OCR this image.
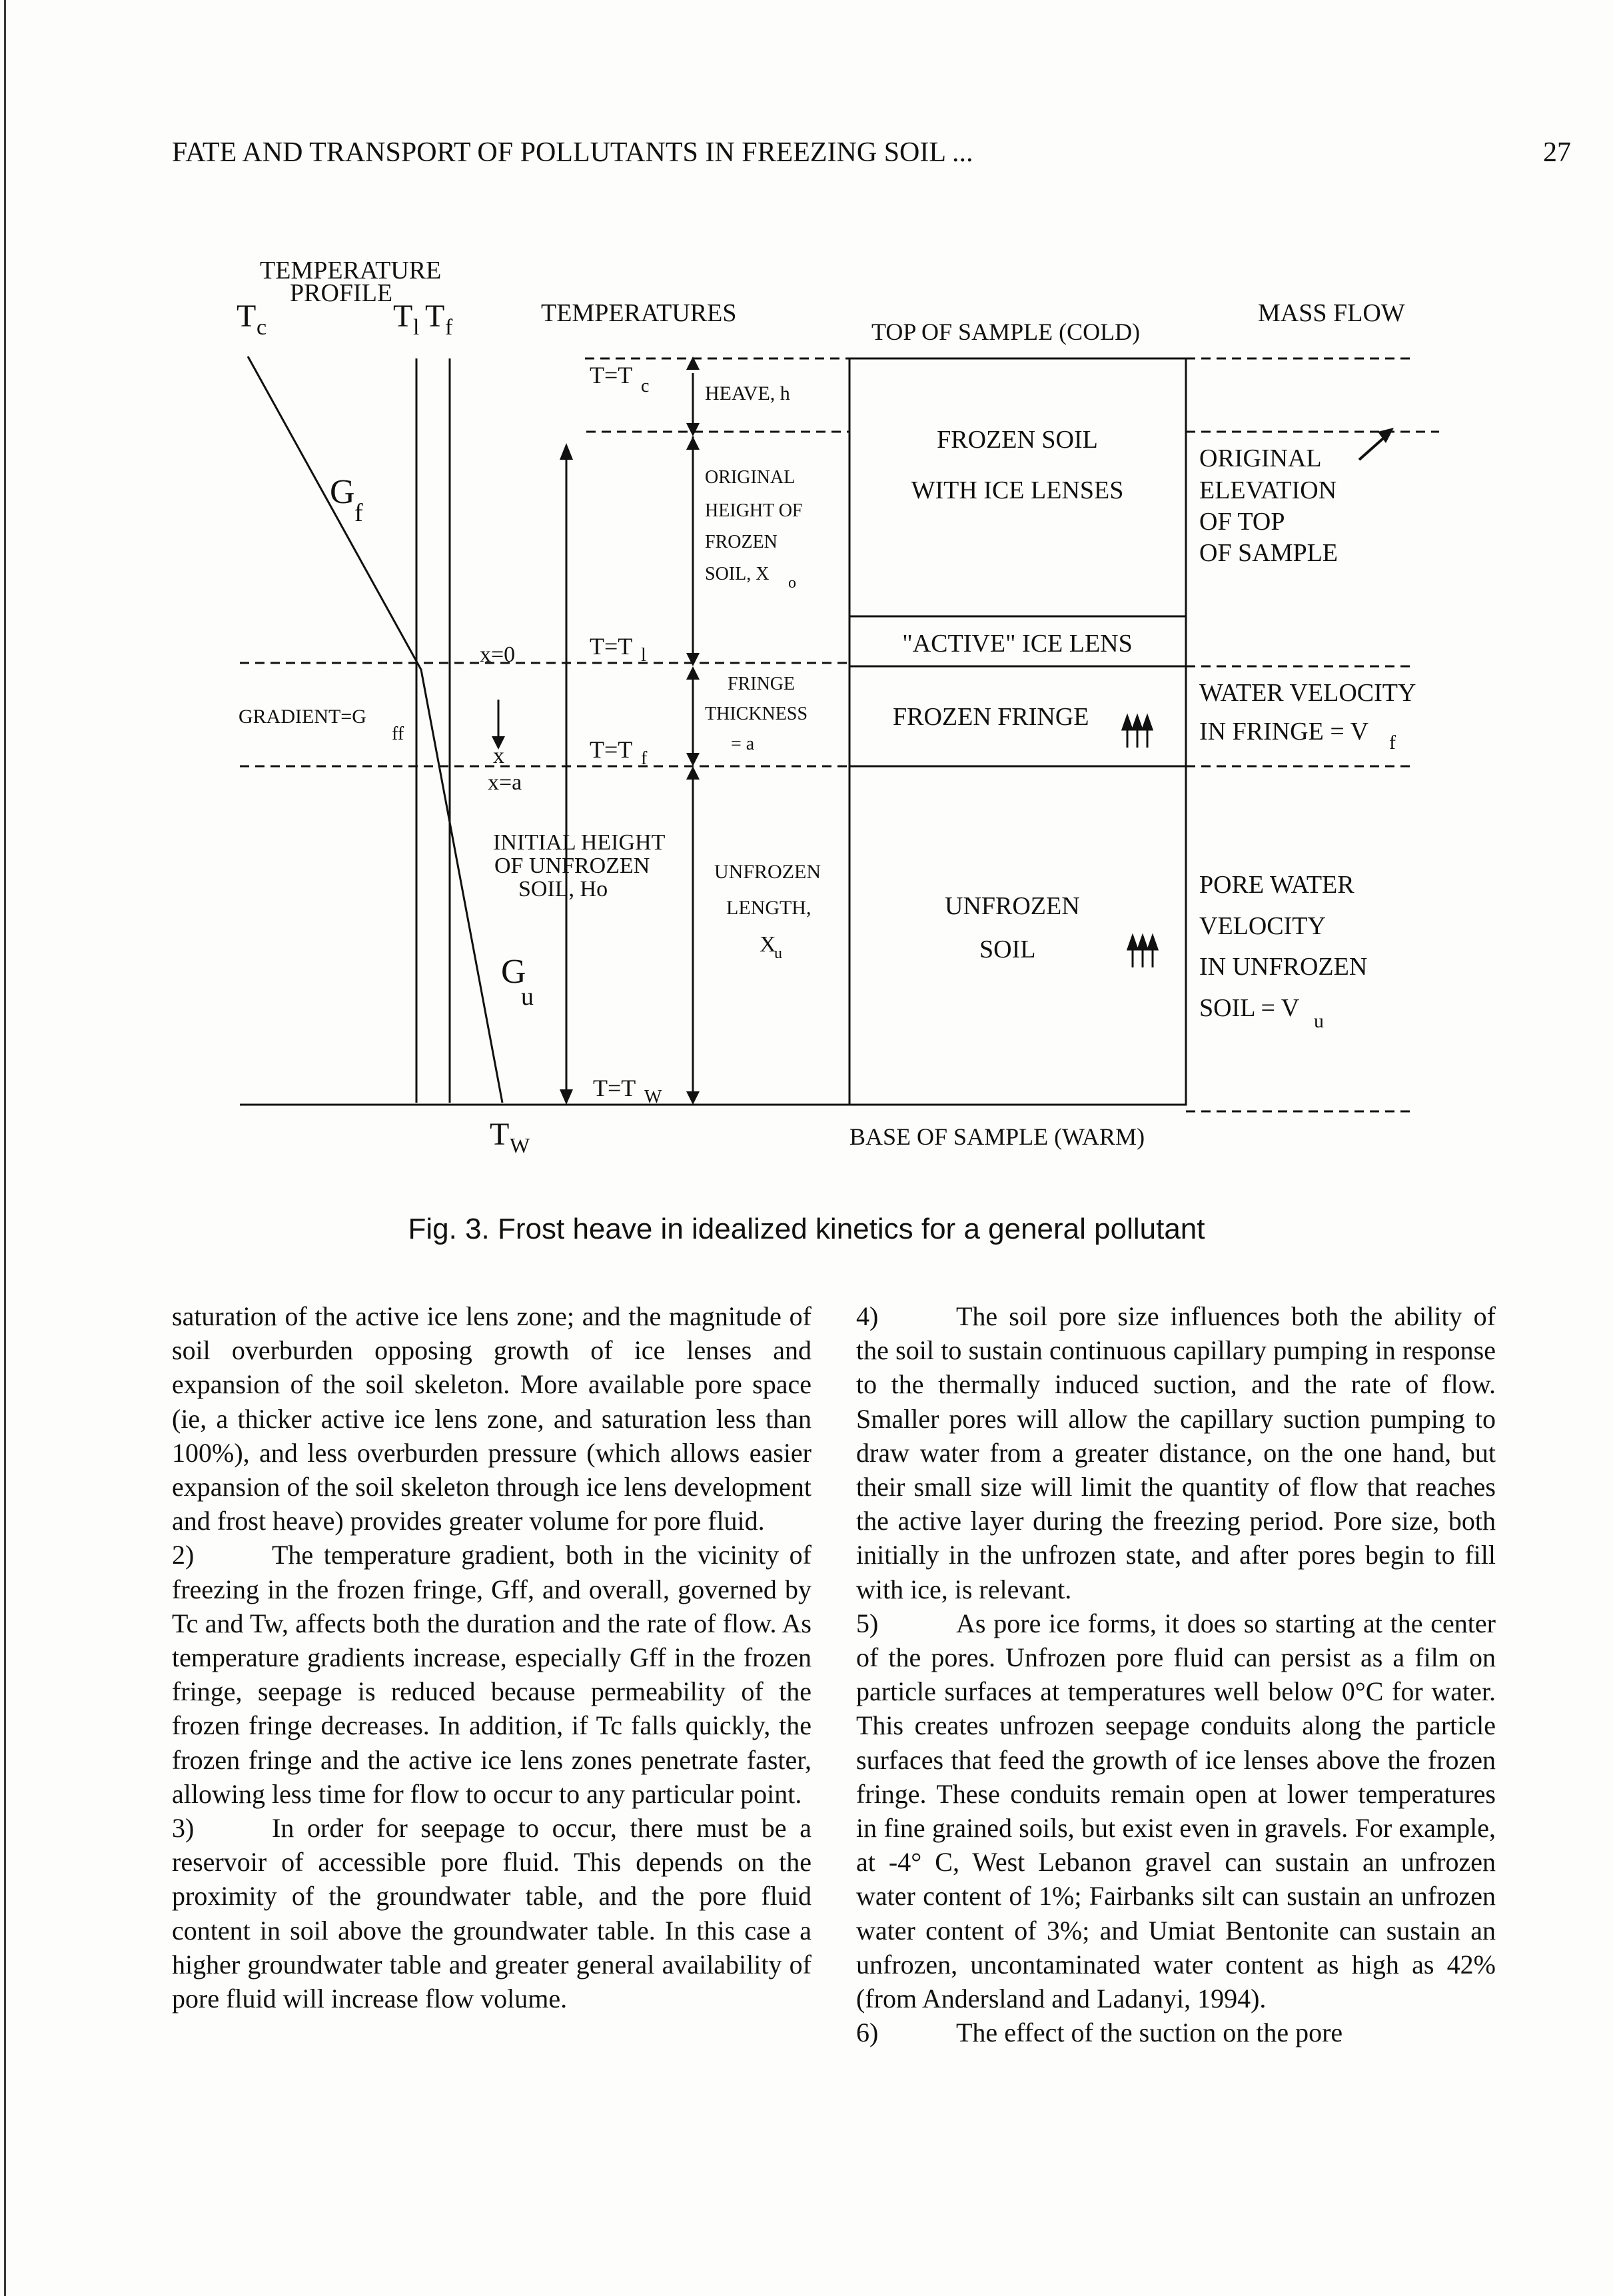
FATE AND TRANSPORT OF POLLUTANTS IN FREEZING SOIL ...	27
TEMPERATURE
PROFILE
T c	T l T f
G
f
x=0
GRADIENT=G
ff
x
x=a
G
u
T W
TEMPERATURES
T=T c
T=T l
T=T f
T=T W
HEAVE, h
ORIGINAL
HEIGHT OF
FROZEN
SOIL, X o
FRINGE
THICKNESS
= a
INITIAL HEIGHT
OF UNFROZEN
SOIL, Ho
UNFROZEN
LENGTH,
X
u
TOP OF SAMPLE (COLD)
FROZEN SOIL
WITH ICE LENSES
"ACTIVE" ICE LENS
FROZEN FRINGE
UNFROZEN
SOIL
BASE OF SAMPLE (WARM)
MASS FLOW
ORIGINAL
ELEVATION
OF TOP
OF SAMPLE
WATER VELOCITY
IN FRINGE = V f
PORE WATER
VELOCITY
IN UNFROZEN
SOIL = V u
Fig. 3. Frost heave in idealized kinetics for a general pollutant

saturation of the active ice lens zone; and the magnitude of soil overburden opposing growth of ice lenses and expansion of the soil skeleton. More available pore space (ie, a thicker active ice lens zone, and saturation less than 100%), and less overburden pressure (which allows easier expansion of the soil skeleton through ice lens development and frost heave) provides greater volume for pore fluid.

2)	The temperature gradient, both in the vicinity of freezing in the frozen fringe, Gff, and overall, governed by Tc and Tw, affects both the duration and the rate of flow. As temperature gradients increase, especially Gff in the frozen fringe, seepage is reduced because permeability of the frozen fringe decreases. In addition, if Tc falls quickly, the frozen fringe and the active ice lens zones penetrate faster, allowing less time for flow to occur to any particular point.

3)	In order for seepage to occur, there must be a reservoir of accessible pore fluid. This depends on the proximity of the groundwater table, and the pore fluid content in soil above the groundwater table. In this case a higher groundwater table and greater general availability of pore fluid will increase flow volume.

4)	The soil pore size influences both the ability of the soil to sustain continuous capillary pumping in response to the thermally induced suction, and the rate of flow. Smaller pores will allow the capillary suction pumping to draw water from a greater distance, on the one hand, but their small size will limit the quantity of flow that reaches the active layer during the freezing period. Pore size, both initially in the unfrozen state, and after pores begin to fill with ice, is relevant.

5)	As pore ice forms, it does so starting at the center of the pores. Unfrozen pore fluid can persist as a film on particle surfaces at temperatures well below 0°C for water. This creates unfrozen seepage conduits along the particle surfaces that feed the growth of ice lenses above the frozen fringe. These conduits remain open at lower temperatures in fine grained soils, but exist even in gravels. For example, at -4° C, West Lebanon gravel can sustain an unfrozen water content of 1%; Fairbanks silt can sustain an unfrozen water content of 3%; and Umiat Bentonite can sustain an unfrozen, uncontaminated water content as high as 42% (from Andersland and Ladanyi, 1994).

6)	The effect of the suction on the pore
